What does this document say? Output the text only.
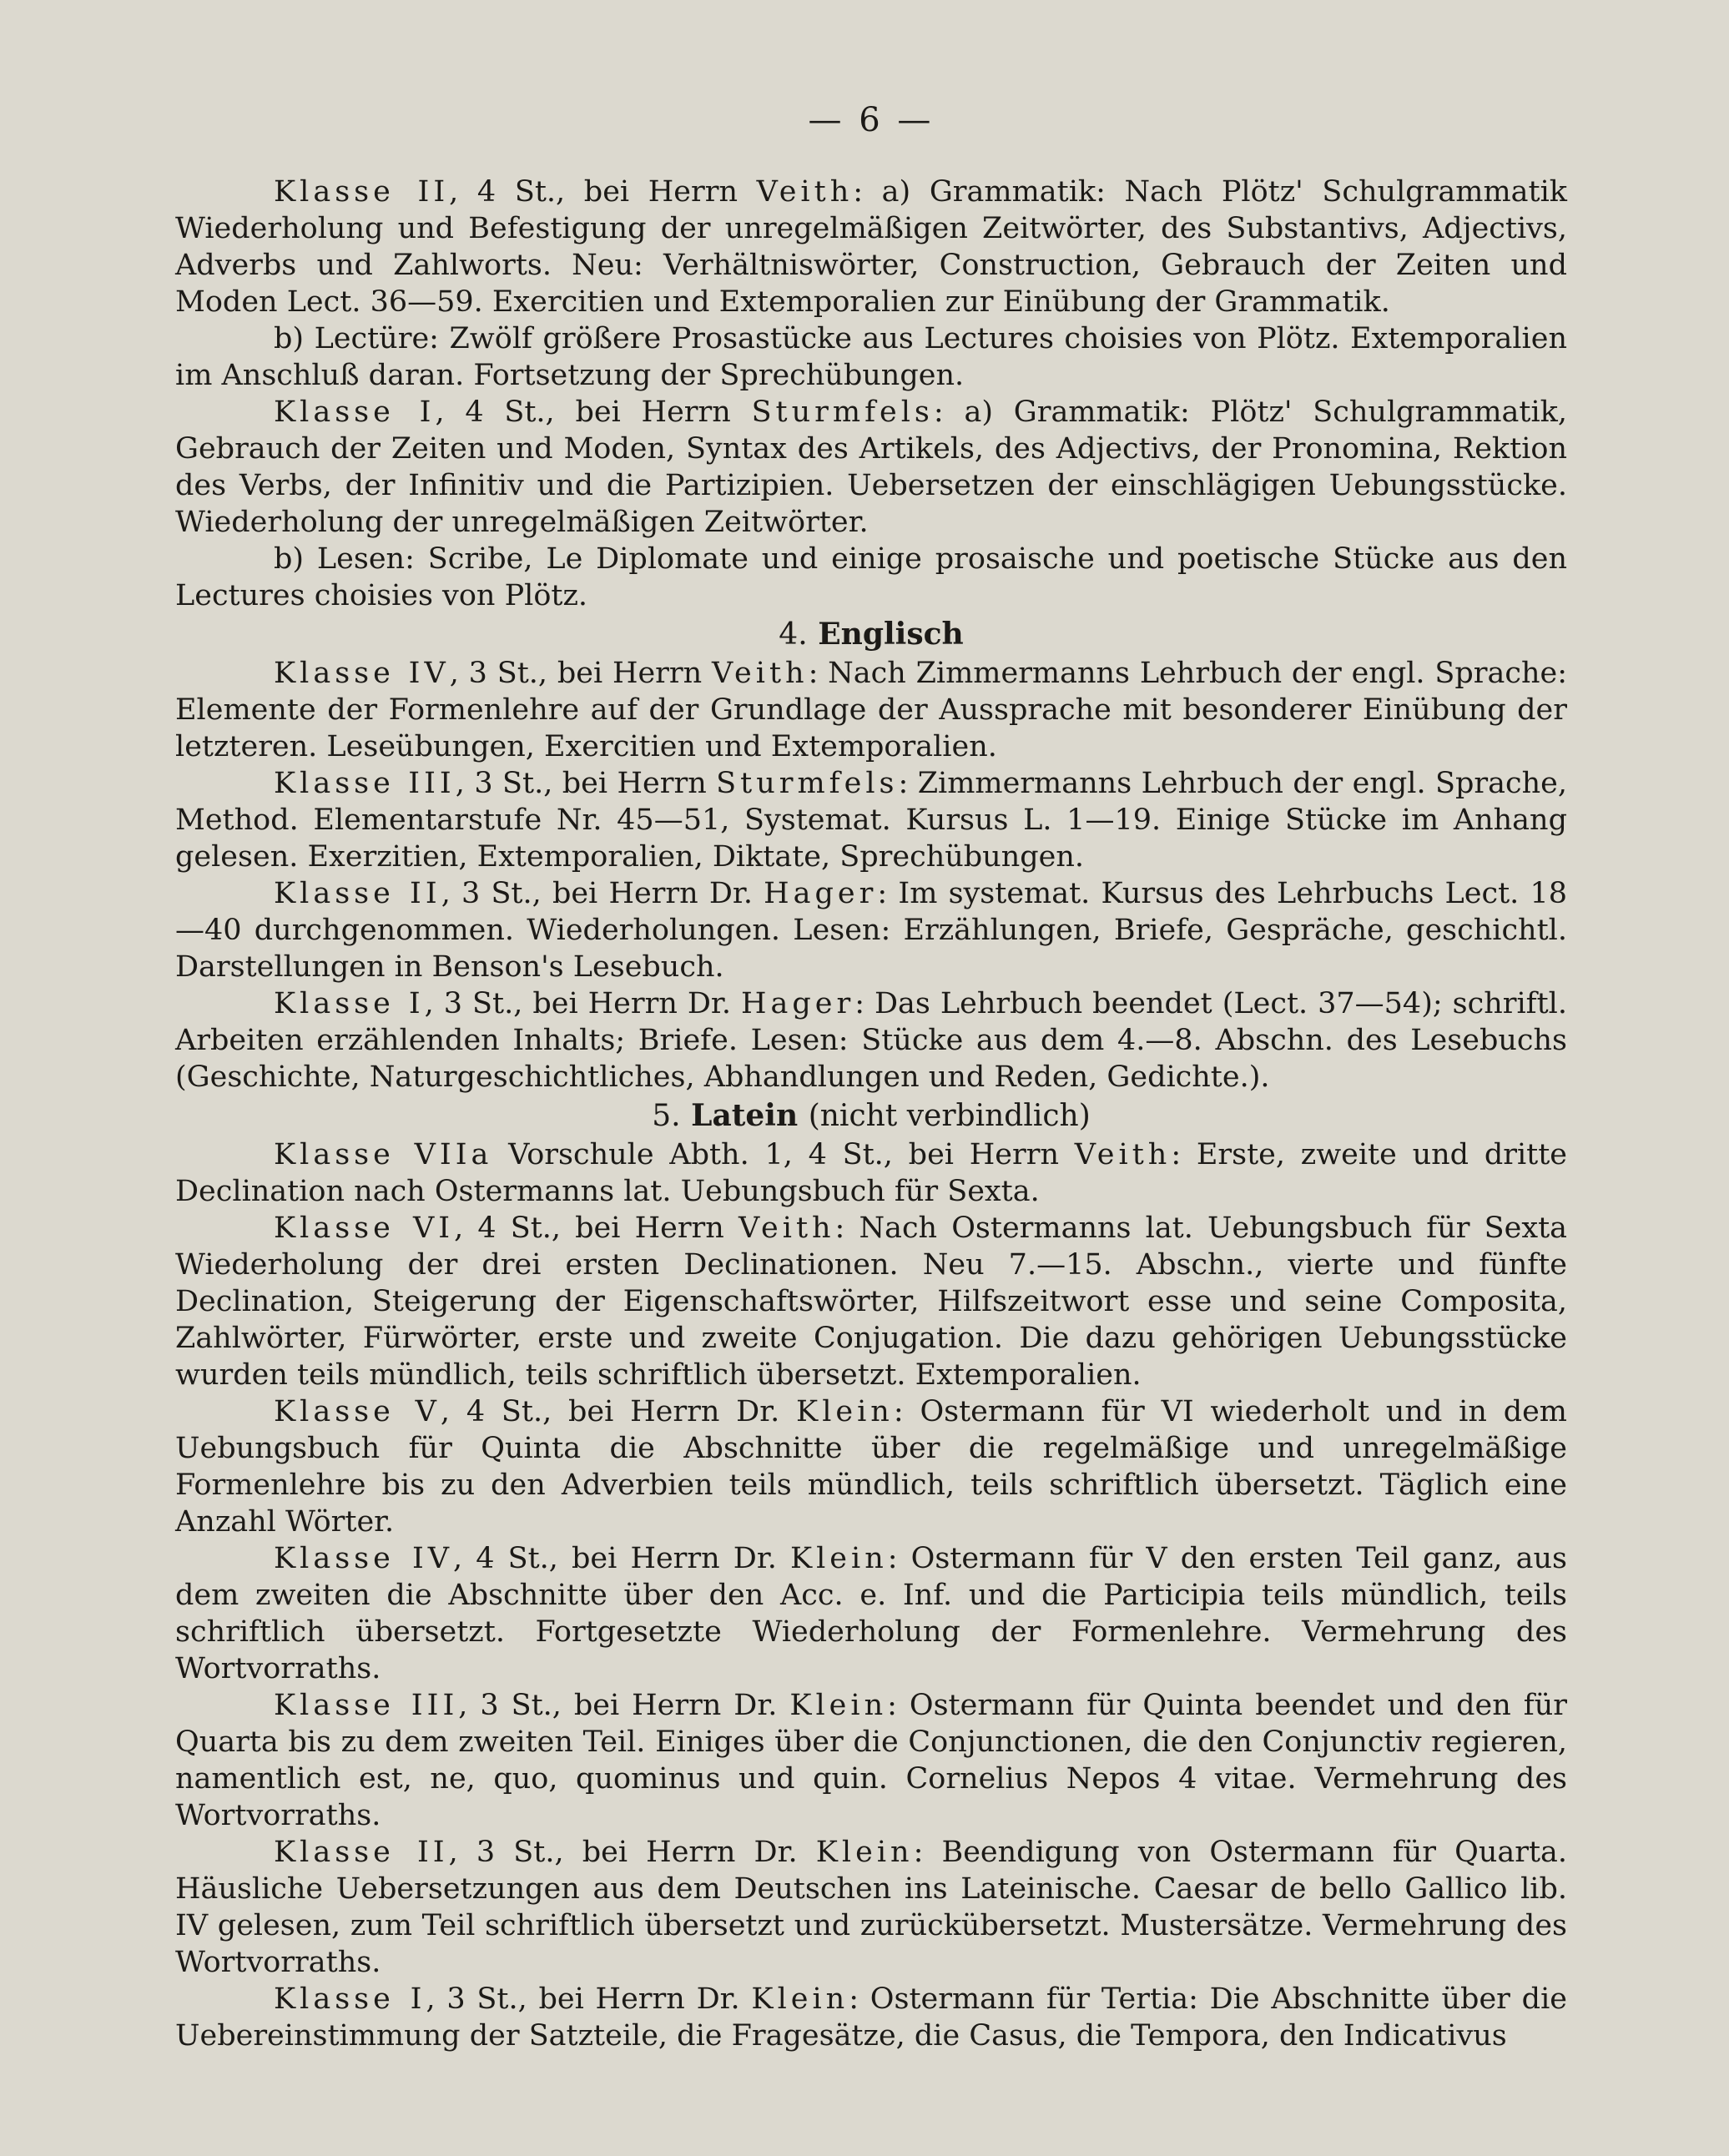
— 6 —

Klasse II, 4 St., bei Herrn Veith: a) Grammatik: Nach Plötz' Schulgrammatik Wiederholung und Befestigung der unregelmäßigen Zeitwörter, des Substantivs, Adjectivs, Adverbs und Zahlworts. Neu: Verhältniswörter, Construction, Gebrauch der Zeiten und Moden Lect. 36—59. Exercitien und Extemporalien zur Einübung der Grammatik.

b) Lectüre: Zwölf größere Prosastücke aus Lectures choisies von Plötz. Extemporalien im Anschluß daran. Fortsetzung der Sprechübungen.

Klasse I, 4 St., bei Herrn Sturmfels: a) Grammatik: Plötz' Schulgrammatik, Gebrauch der Zeiten und Moden, Syntax des Artikels, des Adjectivs, der Pronomina, Rektion des Verbs, der Infinitiv und die Partizipien. Uebersetzen der einschlägigen Uebungsstücke. Wiederholung der unregelmäßigen Zeitwörter.

b) Lesen: Scribe, Le Diplomate und einige prosaische und poetische Stücke aus den Lectures choisies von Plötz.

4. Englisch

Klasse IV, 3 St., bei Herrn Veith: Nach Zimmermanns Lehrbuch der engl. Sprache: Elemente der Formenlehre auf der Grundlage der Aussprache mit besonderer Einübung der letzteren. Leseübungen, Exercitien und Extemporalien.

Klasse III, 3 St., bei Herrn Sturmfels: Zimmermanns Lehrbuch der engl. Sprache, Method. Elementarstufe Nr. 45—51, Systemat. Kursus L. 1—19. Einige Stücke im Anhang gelesen. Exerzitien, Extemporalien, Diktate, Sprechübungen.

Klasse II, 3 St., bei Herrn Dr. Hager: Im systemat. Kursus des Lehrbuchs Lect. 18—40 durchgenommen. Wiederholungen. Lesen: Erzählungen, Briefe, Gespräche, geschichtl. Darstellungen in Benson's Lesebuch.

Klasse I, 3 St., bei Herrn Dr. Hager: Das Lehrbuch beendet (Lect. 37—54); schriftl. Arbeiten erzählenden Inhalts; Briefe. Lesen: Stücke aus dem 4.—8. Abschn. des Lesebuchs (Geschichte, Naturgeschichtliches, Abhandlungen und Reden, Gedichte.).

5. Latein (nicht verbindlich)

Klasse VIIa Vorschule Abth. 1, 4 St., bei Herrn Veith: Erste, zweite und dritte Declination nach Ostermanns lat. Uebungsbuch für Sexta.

Klasse VI, 4 St., bei Herrn Veith: Nach Ostermanns lat. Uebungsbuch für Sexta Wiederholung der drei ersten Declinationen. Neu 7.—15. Abschn., vierte und fünfte Declination, Steigerung der Eigenschaftswörter, Hilfszeitwort esse und seine Composita, Zahlwörter, Fürwörter, erste und zweite Conjugation. Die dazu gehörigen Uebungsstücke wurden teils mündlich, teils schriftlich übersetzt. Extemporalien.

Klasse V, 4 St., bei Herrn Dr. Klein: Ostermann für VI wiederholt und in dem Uebungsbuch für Quinta die Abschnitte über die regelmäßige und unregelmäßige Formenlehre bis zu den Adverbien teils mündlich, teils schriftlich übersetzt. Täglich eine Anzahl Wörter.

Klasse IV, 4 St., bei Herrn Dr. Klein: Ostermann für V den ersten Teil ganz, aus dem zweiten die Abschnitte über den Acc. e. Inf. und die Participia teils mündlich, teils schriftlich übersetzt. Fortgesetzte Wiederholung der Formenlehre. Vermehrung des Wortvorraths.

Klasse III, 3 St., bei Herrn Dr. Klein: Ostermann für Quinta beendet und den für Quarta bis zu dem zweiten Teil. Einiges über die Conjunctionen, die den Conjunctiv regieren, namentlich est, ne, quo, quominus und quin. Cornelius Nepos 4 vitae. Vermehrung des Wortvorraths.

Klasse II, 3 St., bei Herrn Dr. Klein: Beendigung von Ostermann für Quarta. Häusliche Uebersetzungen aus dem Deutschen ins Lateinische. Caesar de bello Gallico lib. IV gelesen, zum Teil schriftlich übersetzt und zurückübersetzt. Mustersätze. Vermehrung des Wortvorraths.

Klasse I, 3 St., bei Herrn Dr. Klein: Ostermann für Tertia: Die Abschnitte über die Uebereinstimmung der Satzteile, die Fragesätze, die Casus, die Tempora, den Indicativus
